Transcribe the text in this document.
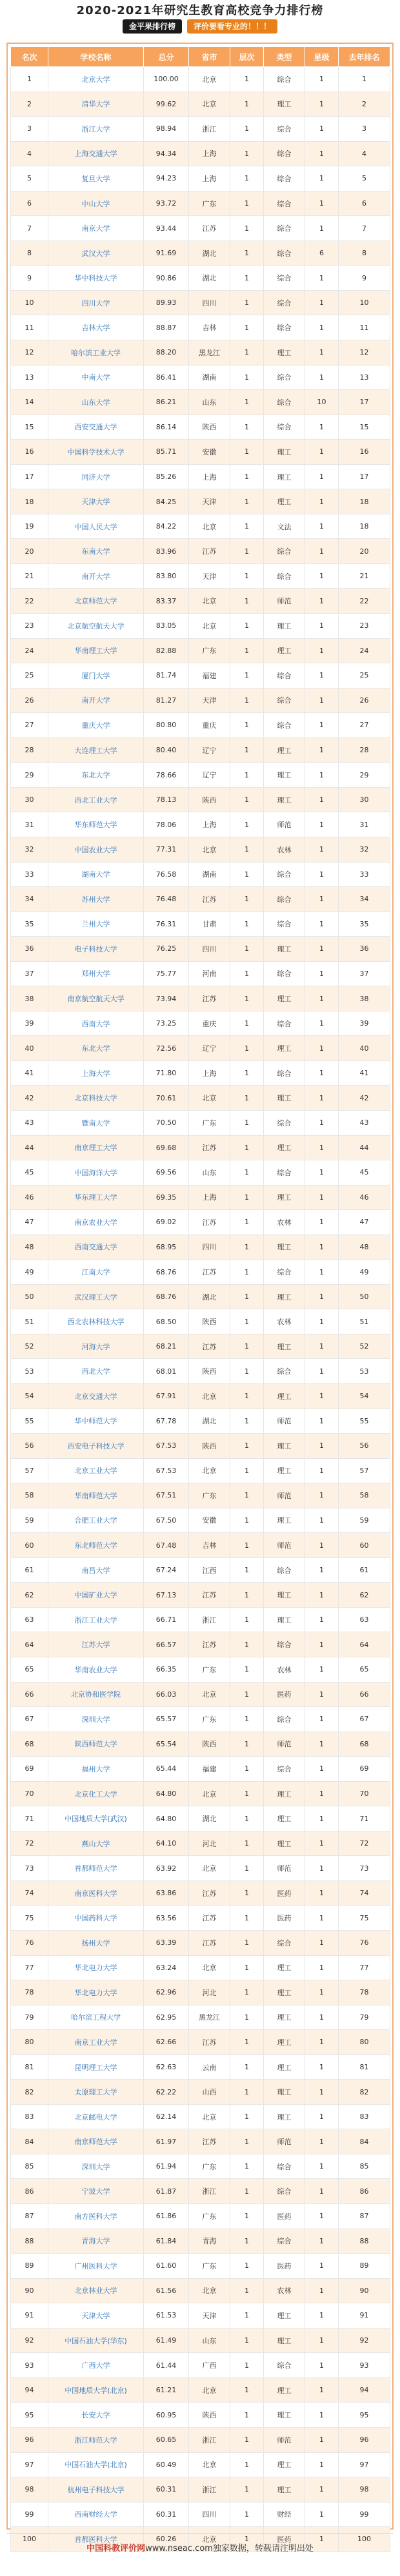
2020-2021年研究生教育高校竞争力排行榜
金平果排行榜	评价要看专业的！！！
名次	学校名称	总分	省市	层次	类型	星级	去年排名
1	北京大学	100.00	北京	1	综合	1	1
2	清华大学	99.62	北京	1	理工	1	2
3	浙江大学	98.94	浙江	1	综合	1	3
4	上海交通大学	94.34	上海	1	综合	1	4
5	复旦大学	94.23	上海	1	综合	1	5
6	中山大学	93.72	广东	1	综合	1	6
7	南京大学	93.44	江苏	1	综合	1	7
8	武汉大学	91.69	湖北	1	综合	6	8
9	华中科技大学	90.86	湖北	1	综合	1	9
10	四川大学	89.93	四川	1	综合	1	10
11	吉林大学	88.87	吉林	1	综合	1	11
12	哈尔滨工业大学	88.20	黑龙江	1	理工	1	12
13	中南大学	86.41	湖南	1	综合	1	13
14	山东大学	86.21	山东	1	综合	10	17
15	西安交通大学	86.14	陕西	1	综合	1	15
16	中国科学技术大学	85.71	安徽	1	理工	1	16
17	同济大学	85.26	上海	1	理工	1	17
18	天津大学	84.25	天津	1	理工	1	18
19	中国人民大学	84.22	北京	1	文法	1	18
20	东南大学	83.96	江苏	1	综合	1	20
21	南开大学	83.80	天津	1	综合	1	21
22	北京师范大学	83.37	北京	1	师范	1	22
23	北京航空航天大学	83.05	北京	1	理工	1	23
24	华南理工大学	82.88	广东	1	理工	1	24
25	厦门大学	81.74	福建	1	综合	1	25
26	南开大学	81.27	天津	1	综合	1	26
27	重庆大学	80.80	重庆	1	综合	1	27
28	大连理工大学	80.40	辽宁	1	理工	1	28
29	东北大学	78.66	辽宁	1	理工	1	29
30	西北工业大学	78.13	陕西	1	理工	1	30
31	华东师范大学	78.06	上海	1	师范	1	31
32	中国农业大学	77.31	北京	1	农林	1	32
33	湖南大学	76.58	湖南	1	综合	1	33
34	苏州大学	76.48	江苏	1	综合	1	34
35	兰州大学	76.31	甘肃	1	综合	1	35
36	电子科技大学	76.25	四川	1	理工	1	36
37	郑州大学	75.77	河南	1	综合	1	37
38	南京航空航天大学	73.94	江苏	1	理工	1	38
39	西南大学	73.25	重庆	1	综合	1	39
40	东北大学	72.56	辽宁	1	理工	1	40
41	上海大学	71.80	上海	1	综合	1	41
42	北京科技大学	70.61	北京	1	理工	1	42
43	暨南大学	70.50	广东	1	综合	1	43
44	南京理工大学	69.68	江苏	1	理工	1	44
45	中国海洋大学	69.56	山东	1	综合	1	45
46	华东理工大学	69.35	上海	1	理工	1	46
47	南京农业大学	69.02	江苏	1	农林	1	47
48	西南交通大学	68.95	四川	1	理工	1	48
49	江南大学	68.76	江苏	1	综合	1	49
50	武汉理工大学	68.76	湖北	1	理工	1	50
51	西北农林科技大学	68.50	陕西	1	农林	1	51
52	河海大学	68.21	江苏	1	理工	1	52
53	西北大学	68.01	陕西	1	综合	1	53
54	北京交通大学	67.91	北京	1	理工	1	54
55	华中师范大学	67.78	湖北	1	师范	1	55
56	西安电子科技大学	67.53	陕西	1	理工	1	56
57	北京工业大学	67.53	北京	1	理工	1	57
58	华南师范大学	67.51	广东	1	师范	1	58
59	合肥工业大学	67.50	安徽	1	理工	1	59
60	东北师范大学	67.48	吉林	1	师范	1	60
61	南昌大学	67.24	江西	1	综合	1	61
62	中国矿业大学	67.13	江苏	1	理工	1	62
63	浙江工业大学	66.71	浙江	1	理工	1	63
64	江苏大学	66.57	江苏	1	综合	1	64
65	华南农业大学	66.35	广东	1	农林	1	65
66	北京协和医学院	66.03	北京	1	医药	1	66
67	深圳大学	65.57	广东	1	综合	1	67
68	陕西师范大学	65.54	陕西	1	师范	1	68
69	福州大学	65.44	福建	1	综合	1	69
70	北京化工大学	64.80	北京	1	理工	1	70
71	中国地质大学(武汉)	64.80	湖北	1	理工	1	71
72	燕山大学	64.10	河北	1	理工	1	72
73	首都师范大学	63.92	北京	1	师范	1	73
74	南京医科大学	63.86	江苏	1	医药	1	74
75	中国药科大学	63.56	江苏	1	医药	1	75
76	扬州大学	63.39	江苏	1	综合	1	76
77	华北电力大学	63.24	北京	1	理工	1	77
78	华北电力大学	62.96	河北	1	理工	1	78
79	哈尔滨工程大学	62.95	黑龙江	1	理工	1	79
80	南京工业大学	62.66	江苏	1	理工	1	80
81	昆明理工大学	62.63	云南	1	理工	1	81
82	太原理工大学	62.22	山西	1	理工	1	82
83	北京邮电大学	62.14	北京	1	理工	1	83
84	南京师范大学	61.97	江苏	1	师范	1	84
85	深圳大学	61.94	广东	1	综合	1	85
86	宁波大学	61.87	浙江	1	综合	1	86
87	南方医科大学	61.86	广东	1	医药	1	87
88	青海大学	61.84	青海	1	综合	1	88
89	广州医科大学	61.60	广东	1	医药	1	89
90	北京林业大学	61.56	北京	1	农林	1	90
91	天津大学	61.53	天津	1	理工	1	91
92	中国石油大学(华东)	61.49	山东	1	理工	1	92
93	广西大学	61.44	广西	1	综合	1	93
94	中国地质大学(北京)	61.21	北京	1	理工	1	94
95	长安大学	60.95	陕西	1	理工	1	95
96	浙江师范大学	60.65	浙江	1	师范	1	96
97	中国石油大学(北京)	60.49	北京	1	理工	1	97
98	杭州电子科技大学	60.31	浙江	1	理工	1	98
99	西南财经大学	60.31	四川	1	财经	1	99
100	首都医科大学	60.26	北京	1	医药	1	100
中国科教评价网 www.nseac.com独家数据，转载请注明出处
